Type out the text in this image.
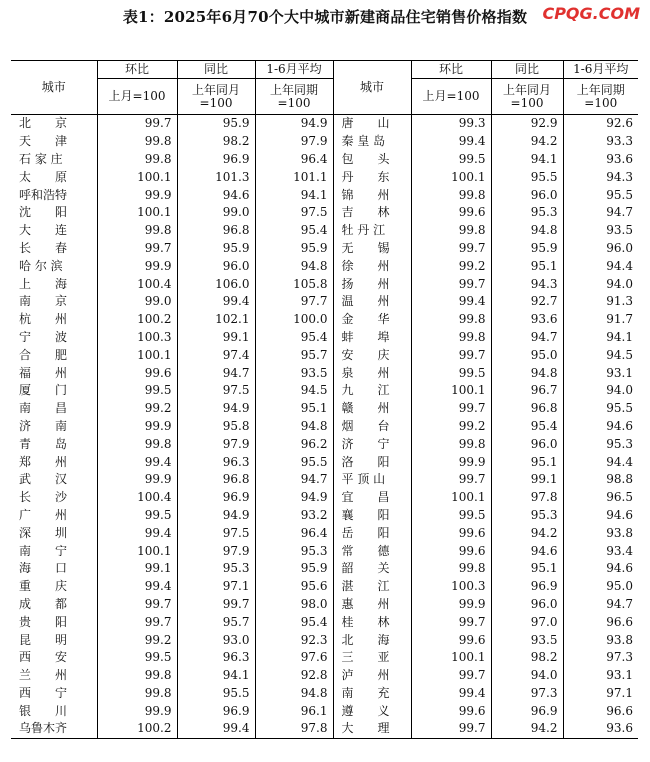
表1：2025年6月70个大中城市新建商品住宅销售价格指数 CPQG.COM
城市	环比	同比	1-6月平均	城市	环比	同比	1-6月平均
	上月=100	上年同月
=100	上年同期
=100		上月=100	上年同月
=100	上年同期
=100
北　　京	99.7	95.9	94.9	唐　　山	99.3	92.9	92.6
天　　津	99.8	98.2	97.9	秦 皇 岛	99.4	94.2	93.3
石 家 庄	99.8	96.9	96.4	包　　头	99.5	94.1	93.6
太　　原	100.1	101.3	101.1	丹　　东	100.1	95.5	94.3
呼和浩特	99.9	94.6	94.1	锦　　州	99.8	96.0	95.5
沈　　阳	100.1	99.0	97.5	吉　　林	99.6	95.3	94.7
大　　连	99.8	96.8	95.4	牡 丹 江	99.8	94.8	93.5
长　　春	99.7	95.9	95.9	无　　锡	99.7	95.9	96.0
哈 尔 滨	99.9	96.0	94.8	徐　　州	99.2	95.1	94.4
上　　海	100.4	106.0	105.8	扬　　州	99.7	94.3	94.0
南　　京	99.0	99.4	97.7	温　　州	99.4	92.7	91.3
杭　　州	100.2	102.1	100.0	金　　华	99.8	93.6	91.7
宁　　波	100.3	99.1	95.4	蚌　　埠	99.8	94.7	94.1
合　　肥	100.1	97.4	95.7	安　　庆	99.7	95.0	94.5
福　　州	99.6	94.7	93.5	泉　　州	99.5	94.8	93.1
厦　　门	99.5	97.5	94.5	九　　江	100.1	96.7	94.0
南　　昌	99.2	94.9	95.1	赣　　州	99.7	96.8	95.5
济　　南	99.9	95.8	94.8	烟　　台	99.2	95.4	94.6
青　　岛	99.8	97.9	96.2	济　　宁	99.8	96.0	95.3
郑　　州	99.4	96.3	95.5	洛　　阳	99.9	95.1	94.4
武　　汉	99.9	96.8	94.7	平 顶 山	99.7	99.1	98.8
长　　沙	100.4	96.9	94.9	宜　　昌	100.1	97.8	96.5
广　　州	99.5	94.9	93.2	襄　　阳	99.5	95.3	94.6
深　　圳	99.4	97.5	96.4	岳　　阳	99.6	94.2	93.8
南　　宁	100.1	97.9	95.3	常　　德	99.6	94.6	93.4
海　　口	99.1	95.3	95.9	韶　　关	99.8	95.1	94.6
重　　庆	99.4	97.1	95.6	湛　　江	100.3	96.9	95.0
成　　都	99.7	99.7	98.0	惠　　州	99.9	96.0	94.7
贵　　阳	99.7	95.7	95.4	桂　　林	99.7	97.0	96.6
昆　　明	99.2	93.0	92.3	北　　海	99.6	93.5	93.8
西　　安	99.5	96.3	97.6	三　　亚	100.1	98.2	97.3
兰　　州	99.8	94.1	92.8	泸　　州	99.7	94.0	93.1
西　　宁	99.8	95.5	94.8	南　　充	99.4	97.3	97.1
银　　川	99.9	96.9	96.1	遵　　义	99.6	96.9	96.6
乌鲁木齐	100.2	99.4	97.8	大　　理	99.7	94.2	93.6
